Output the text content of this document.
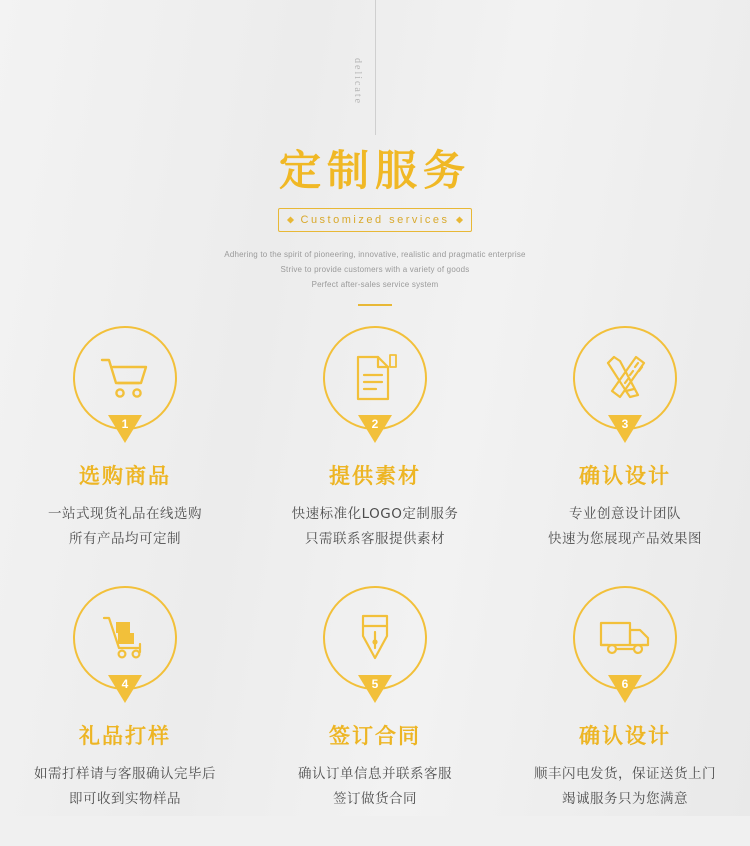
delicate
定制服务
Customized services
Adhering to the spirit of pioneering, innovative, realistic and pragmatic enterprise
Strive to provide customers with a variety of goods
Perfect after-sales service system
1
选购商品
一站式现货礼品在线选购
所有产品均可定制
2
提供素材
快速标准化LOGO定制服务
只需联系客服提供素材
3
确认设计
专业创意设计团队
快速为您展现产品效果图
4
礼品打样
如需打样请与客服确认完毕后
即可收到实物样品
5
签订合同
确认订单信息并联系客服
签订做货合同
6
确认设计
顺丰闪电发货，保证送货上门
竭诚服务只为您满意
